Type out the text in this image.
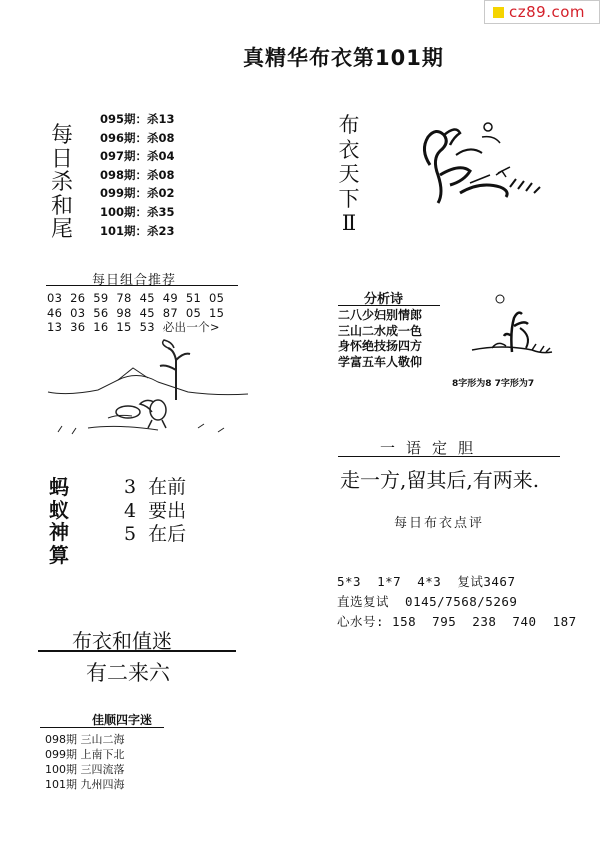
cz89.com
真精华布衣第101期
每
日
杀
和
尾
095期：杀13
096期：杀08
097期：杀04
098期：杀08
099期：杀02
100期：杀35
101期：杀23
每日组合推荐
03  26  59  78  45  49  51  05
46  03  56  98  45  87  05  15
13  36  16  15  53  必出一个>
蚂
蚁
神
算
3  在前
4  要出
5  在后
布衣和值迷
有二来六
佳顺四字迷
098期 三山二海
099期 上南下北
100期 三四流落
101期 九州四海
布
衣
天
下
Ⅱ
分析诗
二八少妇别情郎
三山二水成一色
身怀绝技扬四方
学富五车人敬仰
8字形为8 7字形为7
一语定胆
走一方,留其后,有两来.
每日布衣点评
5*3  1*7  4*3  复试3467
直选复试  0145/7568/5269
心水号: 158  795  238  740  187
